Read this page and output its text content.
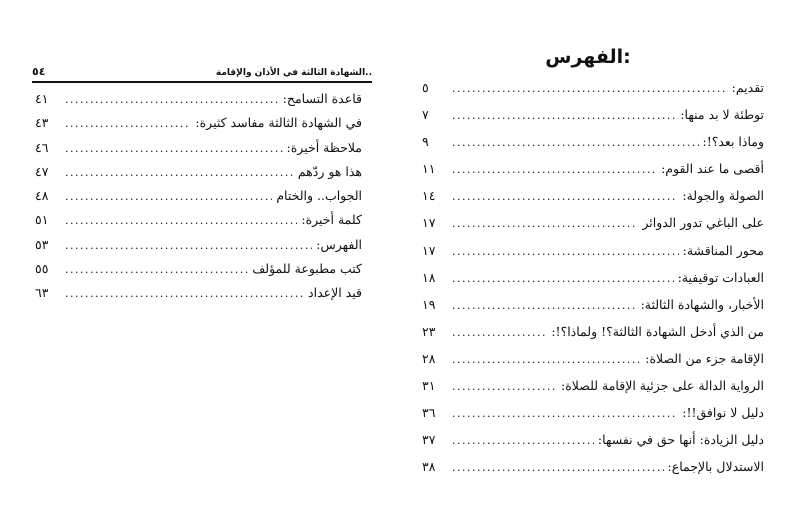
٥٤	الشهادة الثالثة في الأذان والإقامة..
قاعدة التسامح:
.....
٤١
في الشهادة الثالثة مفاسد كثيرة:
.....
٤٣
ملاحظة أخيرة:
.....
٤٦
هذا هو ردّهم
.....
٤٧
الجواب.. والختام
.....
٤٨
كلمة أخيرة:
.....
٥١
الفهرس:
.....
٥٣
كتب مطبوعة للمؤلف
.....
٥٥
قيد الإعداد
.....
٦٣
الفهرس:
تقديم:
.....
٥
توطئة لا بد منها:
.....
٧
وماذا بعد؟!:
.....
٩
أقصى ما عند القوم:
.....
١١
الصولة والجولة:
.....
١٤
على الباغي تدور الدوائر
.....
١٧
محور المناقشة:
.....
١٧
العبادات توقيفية:
.....
١٨
الأخبار، والشهادة الثالثة:
.....
١٩
من الذي أدخل الشهادة الثالثة؟! ولماذا؟!:
.....
٢٣
الإقامة جزء من الصلاة:
.....
٢٨
الرواية الدالة على جزئية الإقامة للصلاة:
.....
٣١
دليل لا نوافق!!:
.....
٣٦
دليل الزيادة: أنها حق في نفسها:
.....
٣٧
الاستدلال بالإجماع:
.....
٣٨
